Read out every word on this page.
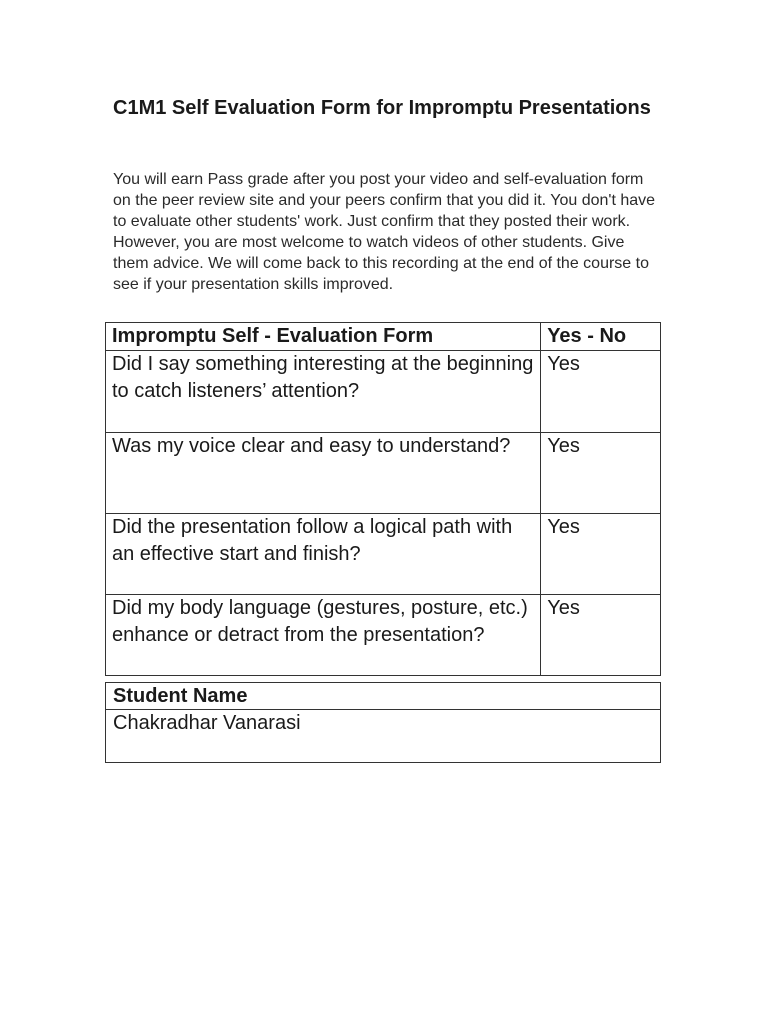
C1M1 Self Evaluation Form for Impromptu Presentations

You will earn Pass grade after you post your video and self-evaluation form on the peer review site and your peers confirm that you did it. You don't have to evaluate other students' work. Just confirm that they posted their work. However, you are most welcome to watch videos of other students. Give them advice. We will come back to this recording at the end of the course to see if your presentation skills improved.

Impromptu Self - Evaluation Form	Yes - No
Did I say something interesting at the beginning to catch listeners’ attention?	Yes
Was my voice clear and easy to understand?	Yes
Did the presentation follow a logical path with an effective start and finish?	Yes
Did my body language (gestures, posture, etc.) enhance or detract from the presentation?	Yes
Student Name
Chakradhar Vanarasi
